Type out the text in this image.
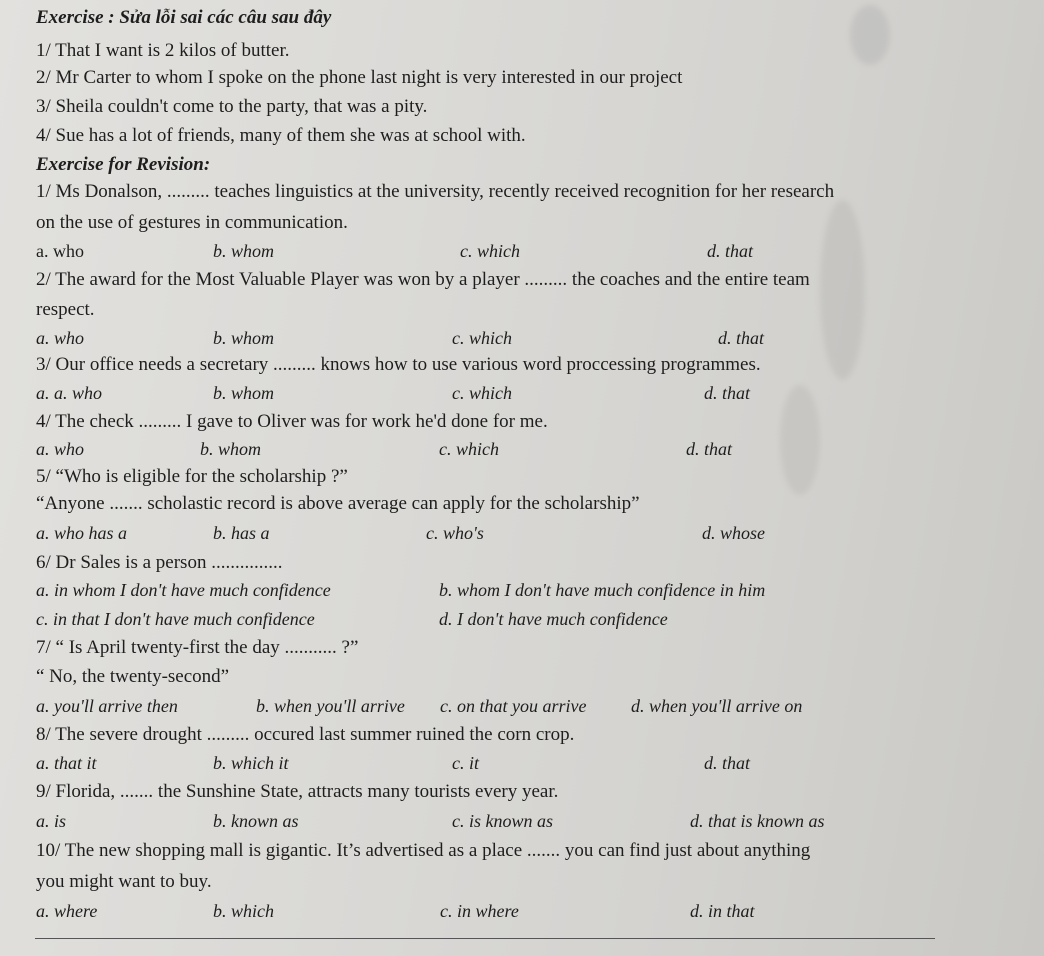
Exercise : Sửa lỗi sai các câu sau đây
1/ That I want is 2 kilos of butter.
2/ Mr Carter to whom I spoke on the phone last night is very interested in our project
3/ Sheila couldn't come to the party, that was a pity.
4/ Sue has a lot of friends, many of them she was at school with.
Exercise for Revision:
1/ Ms Donalson, ......... teaches linguistics at the university, recently received recognition for her research
on the use of gestures in communication.
a. who	b. whom	c. which	d. that
2/ The award for the Most Valuable Player was won by a player ......... the coaches and the entire team
respect.
a. who	b. whom	c. which	d. that
3/ Our office needs a secretary ......... knows how to use various word proccessing programmes.
a. a. who	b. whom	c. which	d. that
4/ The check ......... I gave to Oliver was for work he'd done for me.
a. who	b. whom	c. which	d. that
5/ “Who is eligible for the scholarship ?”
“Anyone ....... scholastic record is above average can apply for the scholarship”
a. who has a	b. has a	c. who's	d. whose
6/ Dr Sales is a person ...............
a. in whom I don't have much confidence	b. whom I don't have much confidence in him
c. in that I don't have much confidence	d. I don't have much confidence
7/ “ Is April twenty-first the day ........... ?”
“ No, the twenty-second”
a. you'll arrive then	b. when you'll arrive c. on that you arrive d. when you'll arrive on
8/ The severe drought ......... occured last summer ruined the corn crop.
a. that it	b. which it	c. it	d. that
9/ Florida, ....... the Sunshine State, attracts many tourists every year.
a. is	b. known as	c. is known as	d. that is known as
10/ The new shopping mall is gigantic. It’s advertised as a place ....... you can find just about anything
you might want to buy.
a. where	b. which	c. in where	d. in that
